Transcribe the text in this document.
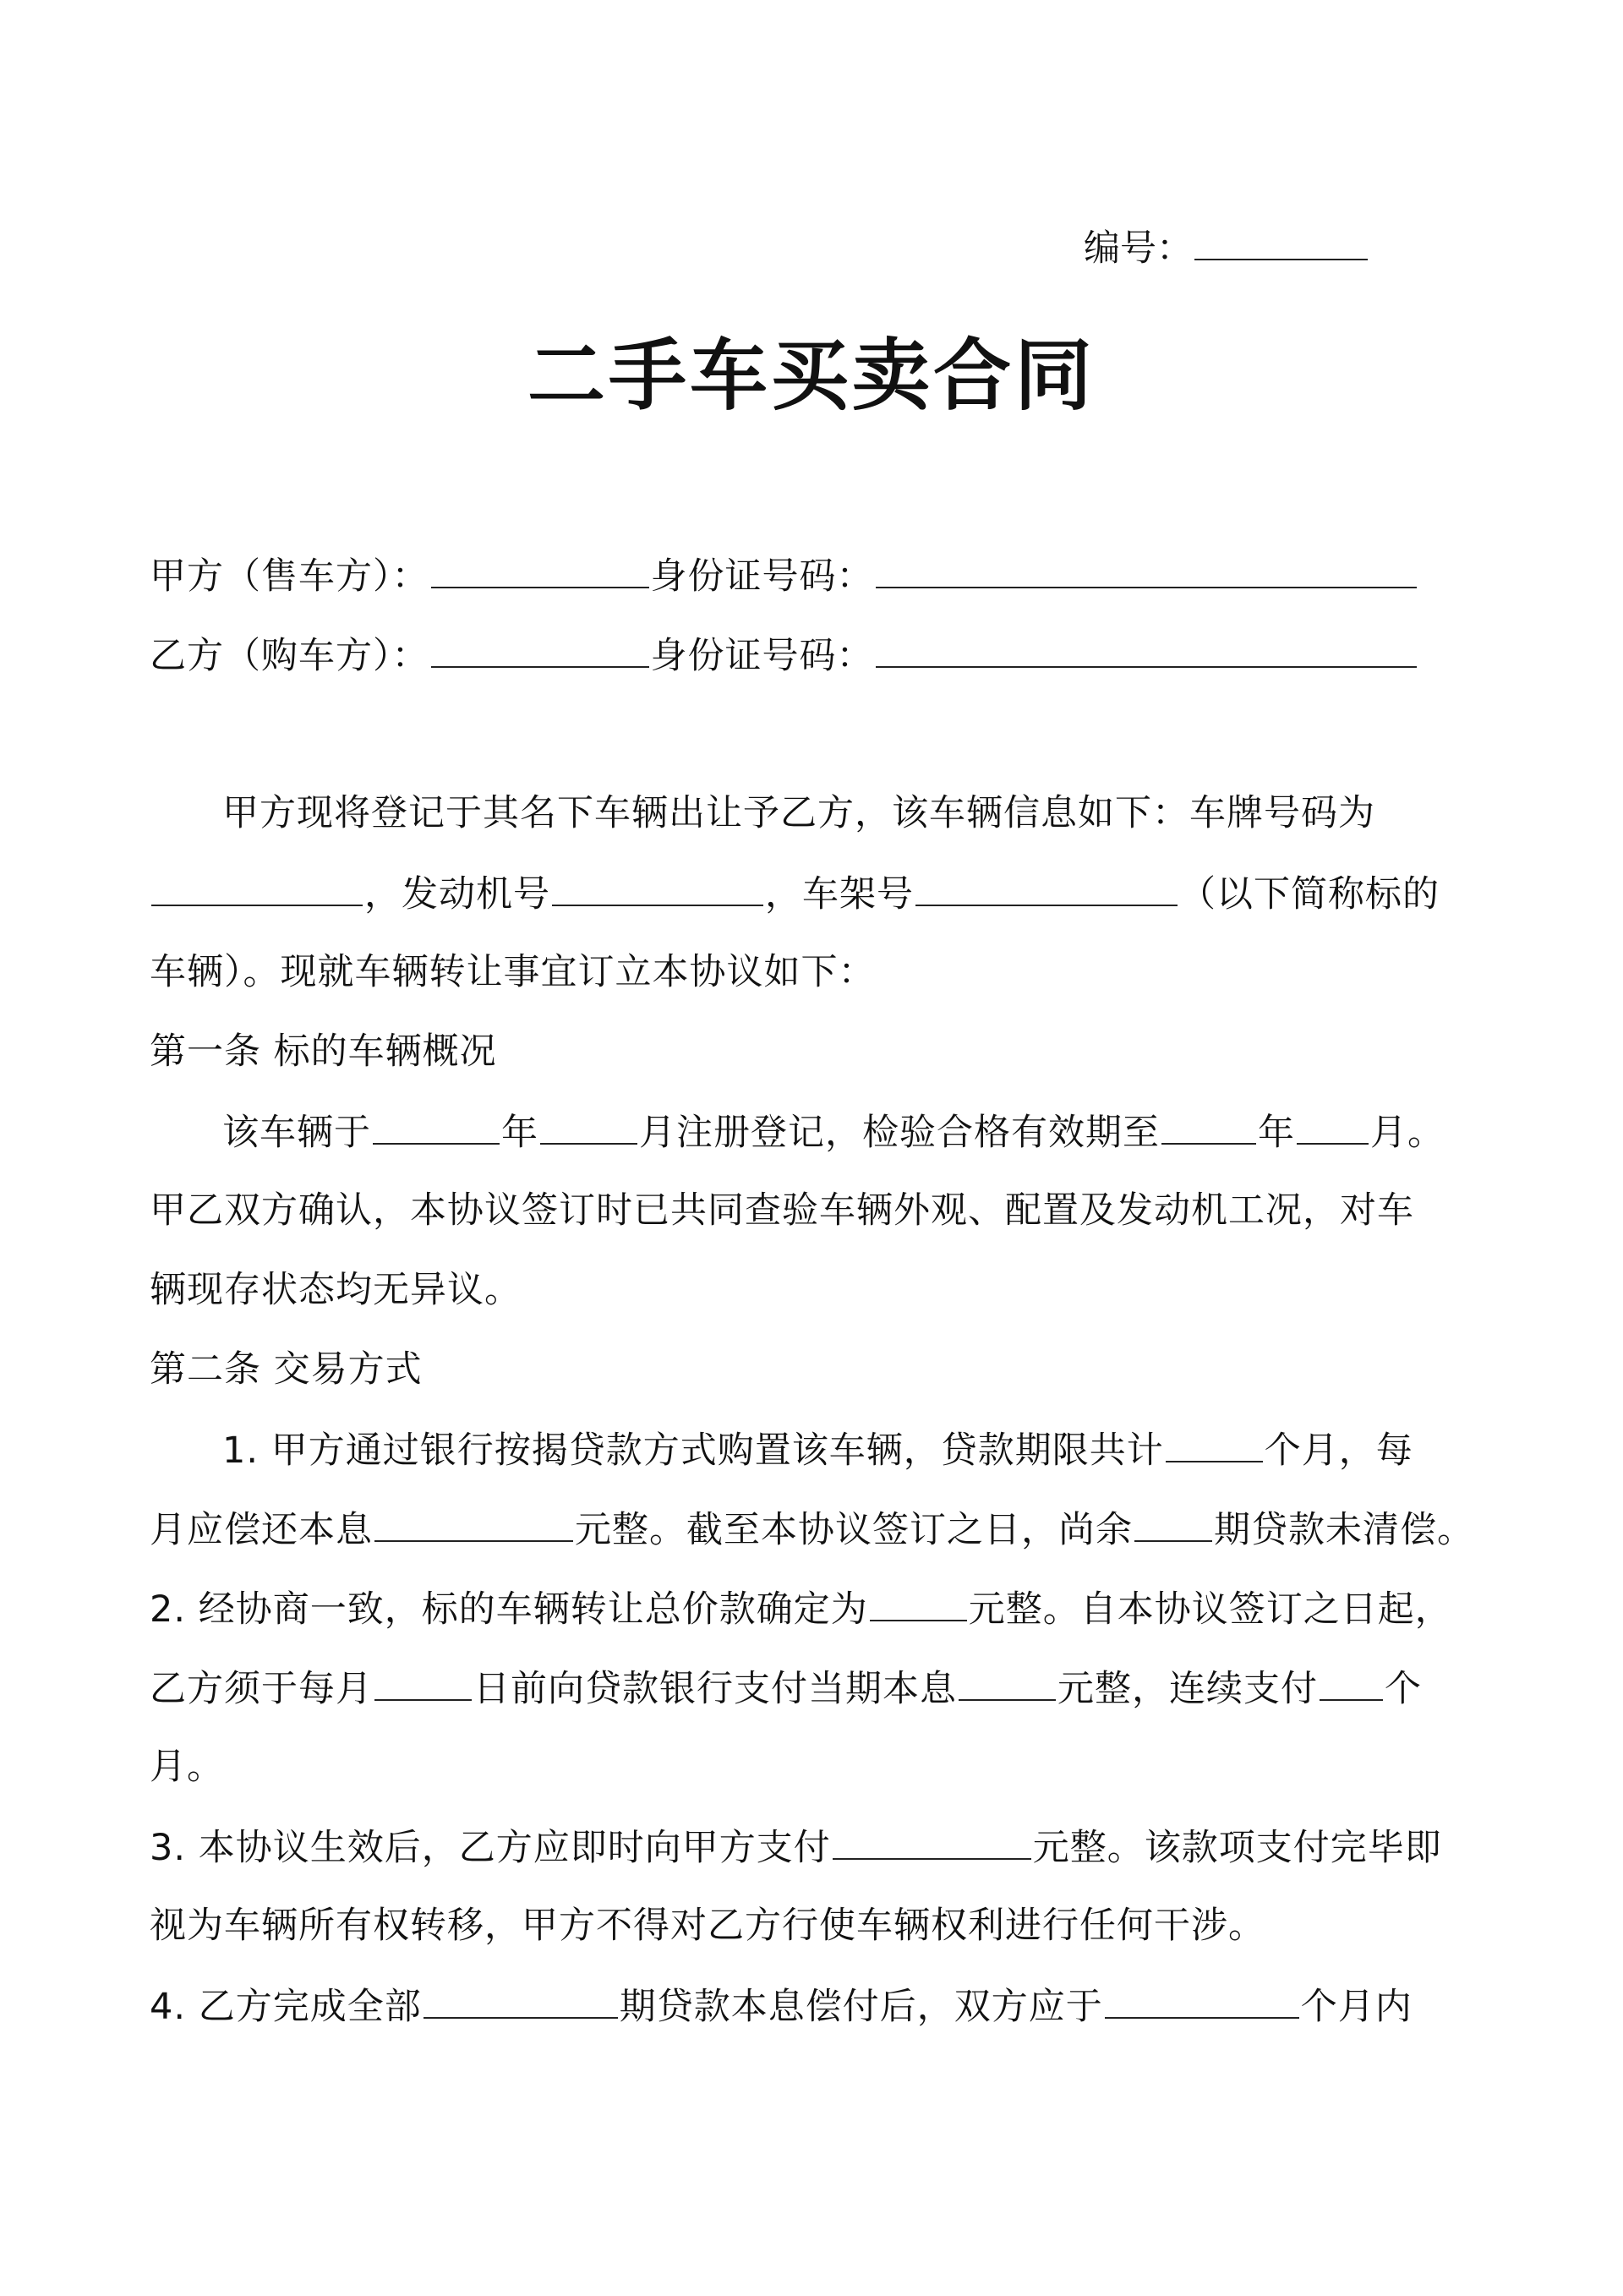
编号：
二手车买卖合同
甲方（售车方）：	身份证号码：
乙方（购车方）：	身份证号码：
甲方现将登记于其名下车辆出让予乙方，该车辆信息如下：车牌号码为
，发动机号	，车架号	（以下简称标的
车辆）。现就车辆转让事宜订立本协议如下：
第一条 标的车辆概况
该车辆于	年	月注册登记，检验合格有效期至	年 月。
甲乙双方确认，本协议签订时已共同查验车辆外观、配置及发动机工况，对车
辆现存状态均无异议。
第二条 交易方式
1. 甲方通过银行按揭贷款方式购置该车辆，贷款期限共计	个月，每
月应偿还本息	元整。截至本协议签订之日，尚余 期贷款未清偿。
2. 经协商一致，标的车辆转让总价款确定为	元整。自本协议签订之日起，
乙方须于每月	日前向贷款银行支付当期本息	元整，连续支付 个
月。
3. 本协议生效后，乙方应即时向甲方支付	元整。该款项支付完毕即
视为车辆所有权转移，甲方不得对乙方行使车辆权利进行任何干涉。
4. 乙方完成全部	期贷款本息偿付后，双方应于	个月内
